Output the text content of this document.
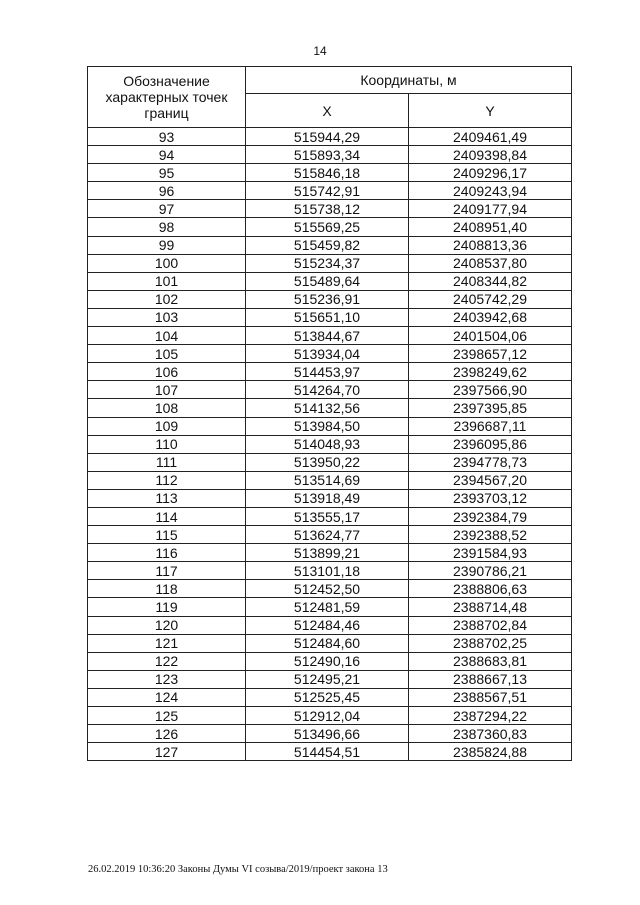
14
Обозначение характерных точек границ	Координаты, м	
	X	Y
93	515944,29	2409461,49
94	515893,34	2409398,84
95	515846,18	2409296,17
96	515742,91	2409243,94
97	515738,12	2409177,94
98	515569,25	2408951,40
99	515459,82	2408813,36
100	515234,37	2408537,80
101	515489,64	2408344,82
102	515236,91	2405742,29
103	515651,10	2403942,68
104	513844,67	2401504,06
105	513934,04	2398657,12
106	514453,97	2398249,62
107	514264,70	2397566,90
108	514132,56	2397395,85
109	513984,50	2396687,11
110	514048,93	2396095,86
111	513950,22	2394778,73
112	513514,69	2394567,20
113	513918,49	2393703,12
114	513555,17	2392384,79
115	513624,77	2392388,52
116	513899,21	2391584,93
117	513101,18	2390786,21
118	512452,50	2388806,63
119	512481,59	2388714,48
120	512484,46	2388702,84
121	512484,60	2388702,25
122	512490,16	2388683,81
123	512495,21	2388667,13
124	512525,45	2388567,51
125	512912,04	2387294,22
126	513496,66	2387360,83
127	514454,51	2385824,88
26.02.2019 10:36:20 Законы Думы VI созыва/2019/проект закона 13
